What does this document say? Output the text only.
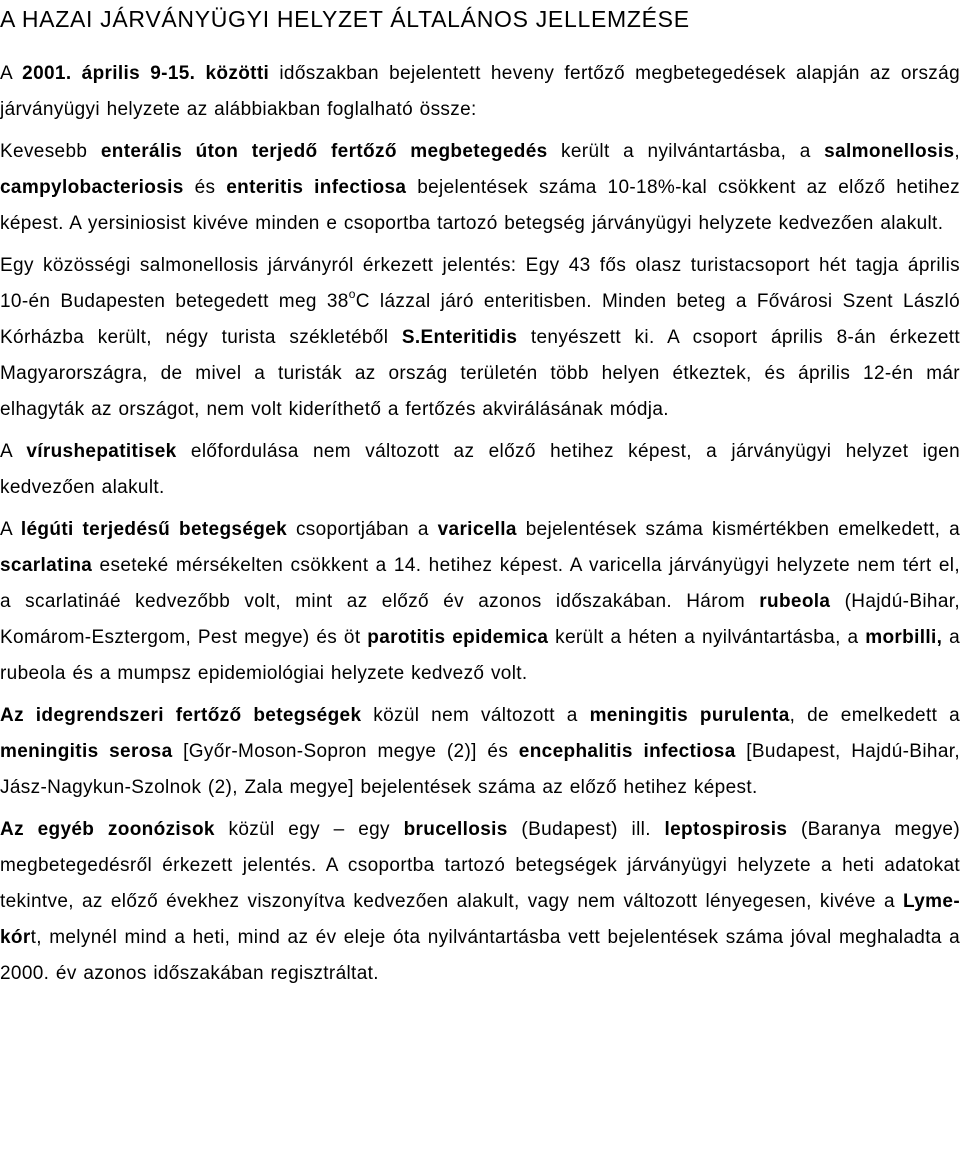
A HAZAI JÁRVÁNYÜGYI HELYZET ÁLTALÁNOS JELLEMZÉSE

A 2001. április 9-15. közötti időszakban bejelentett heveny fertőző megbetegedések alapján az ország járványügyi helyzete az alábbiakban foglalható össze:

Kevesebb enterális úton terjedő fertőző megbetegedés került a nyilvántartásba, a salmonellosis, campylobacteriosis és enteritis infectiosa bejelentések száma 10-18%-kal csökkent az előző hetihez képest. A yersiniosist kivéve minden e csoportba tartozó betegség járványügyi helyzete kedvezően alakult.

Egy közösségi salmonellosis járványról érkezett jelentés: Egy 43 fős olasz turistacsoport hét tagja április 10-én Budapesten betegedett meg 38$^o$C lázzal járó enteritisben. Minden beteg a Fővárosi Szent László Kórházba került, négy turista székletéből S.Enteritidis tenyészett ki. A csoport április 8-án érkezett Magyarországra, de mivel a turisták az ország területén több helyen étkeztek, és április 12-én már elhagyták az országot, nem volt kideríthető a fertőzés akvirálásának módja.

A vírushepatitisek előfordulása nem változott az előző hetihez képest, a járványügyi helyzet igen kedvezően alakult.

A légúti terjedésű betegségek csoportjában a varicella bejelentések száma kismértékben emelkedett, a scarlatina eseteké mérsékelten csökkent a 14. hetihez képest. A varicella járványügyi helyzete nem tért el, a scarlatináé kedvezőbb volt, mint az előző év azonos időszakában. Három rubeola (Hajdú-Bihar, Komárom-Esztergom, Pest megye) és öt parotitis epidemica került a héten a nyilvántartásba, a morbilli, a rubeola és a mumpsz epidemiológiai helyzete kedvező volt.

Az idegrendszeri fertőző betegségek közül nem változott a meningitis purulenta, de emelkedett a meningitis serosa [Győr-Moson-Sopron megye (2)] és encephalitis infectiosa [Budapest, Hajdú-Bihar, Jász-Nagykun-Szolnok (2), Zala megye] bejelentések száma az előző hetihez képest.

Az egyéb zoonózisok közül egy – egy brucellosis (Budapest) ill. leptospirosis (Baranya megye) megbetegedésről érkezett jelentés. A csoportba tartozó betegségek járványügyi helyzete a heti adatokat tekintve, az előző évekhez viszonyítva kedvezően alakult, vagy nem változott lényegesen, kivéve a Lyme-kórt, melynél mind a heti, mind az év eleje óta nyilvántartásba vett bejelentések száma jóval meghaladta a 2000. év azonos időszakában regisztráltat.
